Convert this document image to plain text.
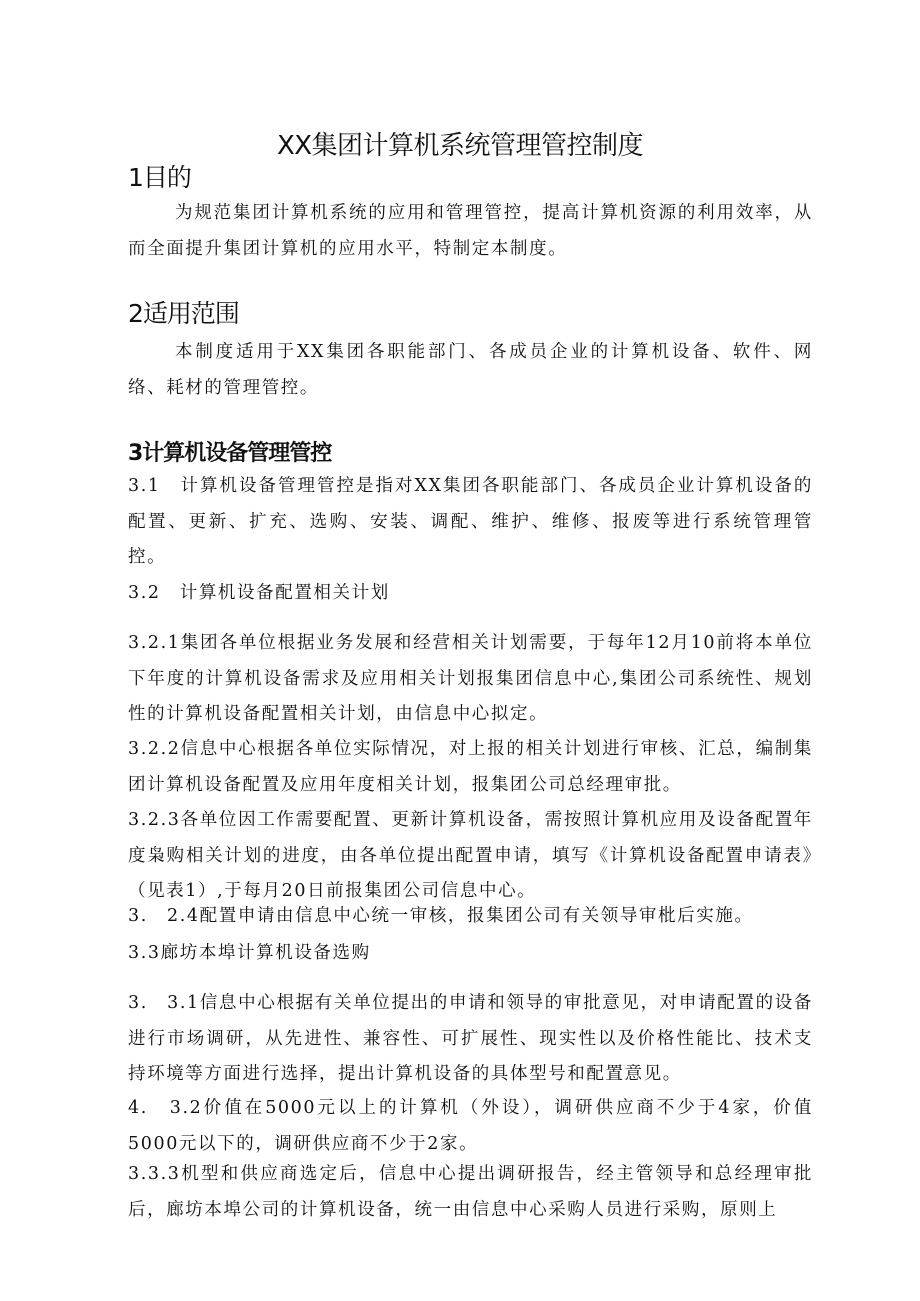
XX集团计算机系统管理管控制度
1目的

为规范集团计算机系统的应用和管理管控，提高计算机资源的利用效率，从而全面提升集团计算机的应用水平，特制定本制度。

2适用范围

本制度适用于XX集团各职能部门、各成员企业的计算机设备、软件、网络、耗材的管理管控。

3计算机设备管理管控

3.1　计算机设备管理管控是指对XX集团各职能部门、各成员企业计算机设备的配置、更新、扩充、选购、安装、调配、维护、维修、报废等进行系统管理管控。

3.2　计算机设备配置相关计划

3.2.1集团各单位根据业务发展和经营相关计划需要，于每年12月10前将本单位下年度的计算机设备需求及应用相关计划报集团信息中心,集团公司系统性、规划性的计算机设备配置相关计划，由信息中心拟定。

3.2.2信息中心根据各单位实际情况，对上报的相关计划进行审核、汇总，编制集团计算机设备配置及应用年度相关计划，报集团公司总经理审批。

3.2.3各单位因工作需要配置、更新计算机设备，需按照计算机应用及设备配置年度枭购相关计划的进度，由各单位提出配置申请，填写《计算机设备配置申请表》（见表1）,于每月20日前报集团公司信息中心。

3.　2.4配置申请由信息中心统一审核，报集团公司有关领导审枇后实施。
3.3廊坊本埠计算机设备选购

3.　3.1信息中心根据有关单位提出的申请和领导的审批意见，对申请配置的设备进行市场调研，从先进性、兼容性、可扩展性、现实性以及价格性能比、技术支持环境等方面进行选择，提出计算机设备的具体型号和配置意见。

4.　3.2价值在5000元以上的计算机（外设），调研供应商不少于4家，价值5000元以下的，调研供应商不少于2家。

3.3.3机型和供应商选定后，信息中心提出调研报告，经主管领导和总经理审批后，廊坊本埠公司的计算机设备，统一由信息中心采购人员进行采购，原则上
